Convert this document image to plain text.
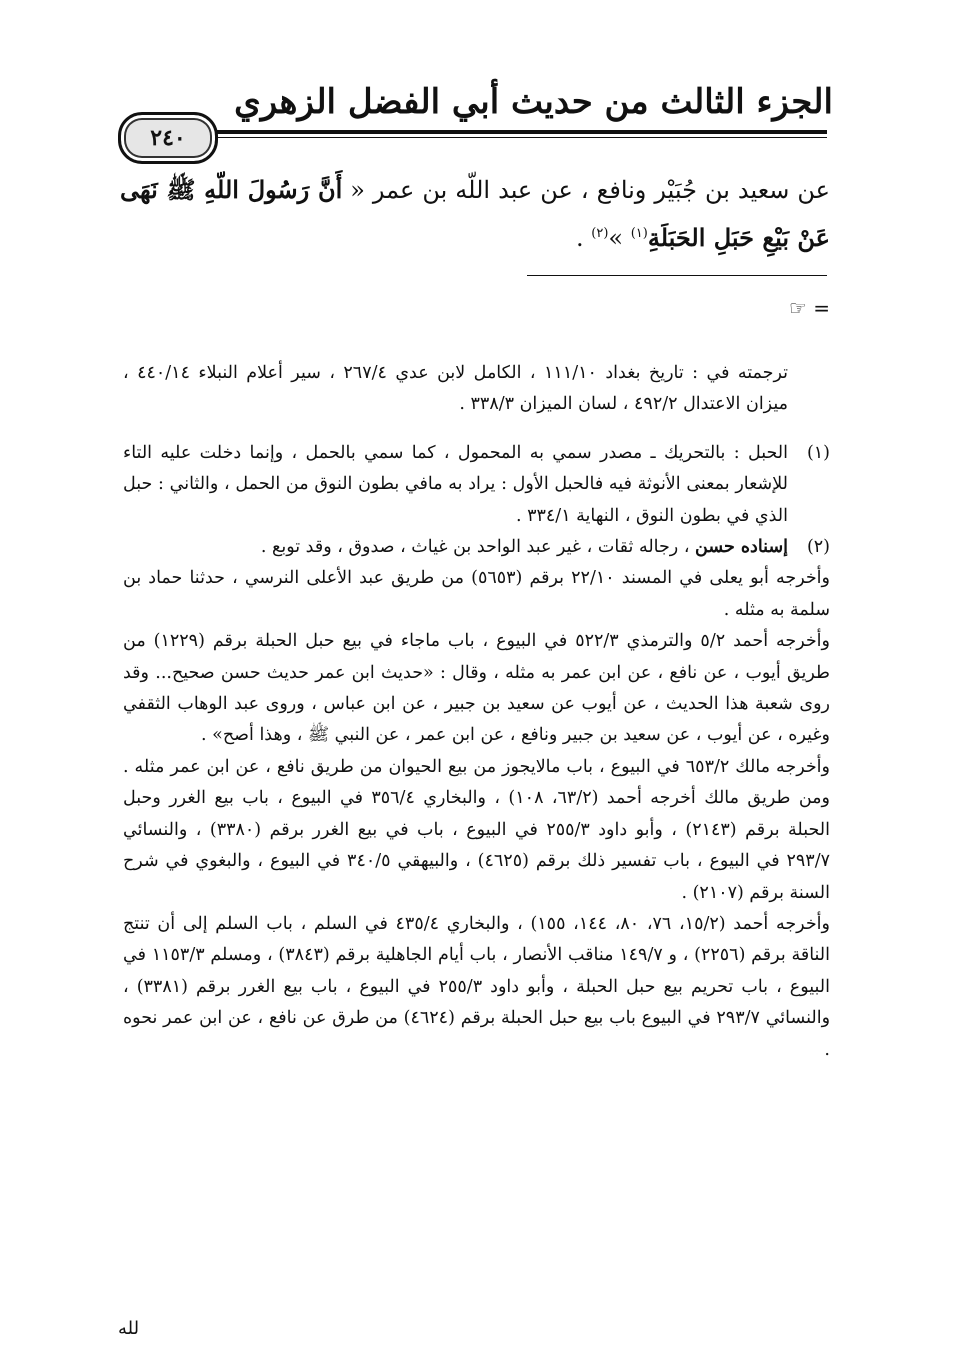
الجزء الثالث من حديث أبي الفضل الزهري
٢٤٠
عن سعيد بن جُبَيْر ونافع ، عن عبد اللّه بن عمر « أَنَّ رَسُولَ اللّهِ ﷺ نَهَى عَنْ بَيْعِ حَبَلِ الحَبَلَةِ$^{(١)}$ »$^{(٢)}$ .
= ☞

ترجمته في : تاريخ بغداد ١١١/١٠ ، الكامل لابن عدي ٢٦٧/٤ ، سير أعلام النبلاء ٤٤٠/١٤ ، ميزان الاعتدال ٤٩٢/٢ ، لسان الميزان ٣٣٨/٣ .

(١)

الحبل : بالتحريك ـ مصدر سمي به المحمول ، كما سمي بالحمل ، وإنما دخلت عليه التاء للإشعار بمعنى الأنوثة فيه فالحبل الأول : يراد به مافي بطون النوق من الحمل ، والثاني : حبل الذي في بطون النوق ، النهاية ٣٣٤/١ .

(٢)

إسناده حسن ، رجاله ثقات ، غير عبد الواحد بن غياث ، صدوق ، وقد توبع .

وأخرجه أبو يعلى في المسند ٢٢/١٠ برقم (٥٦٥٣) من طريق عبد الأعلى النرسي ، حدثنا حماد بن سلمة به مثله .

وأخرجه أحمد ٥/٢ والترمذي ٥٢٢/٣ في البيوع ، باب ماجاء في بيع حبل الحبلة برقم (١٢٢٩) من طريق أيوب ، عن نافع ، عن ابن عمر به مثله ، وقال : «حديث ابن عمر حديث حسن صحيح... وقد روى شعبة هذا الحديث ، عن أيوب عن سعيد بن جبير ، عن ابن عباس ، وروى عبد الوهاب الثقفي وغيره ، عن أيوب ، عن سعيد بن جبير ونافع ، عن ابن عمر ، عن النبي ﷺ ، وهذا أصح» .

وأخرجه مالك ٦٥٣/٢ في البيوع ، باب مالايجوز من بيع الحيوان من طريق نافع ، عن ابن عمر مثله . ومن طريق مالك أخرجه أحمد (٦٣/٢، ١٠٨) ، والبخاري ٣٥٦/٤ في البيوع ، باب بيع الغرر وحبل الحبلة برقم (٢١٤٣) ، وأبو داود ٢٥٥/٣ في البيوع ، باب في بيع الغرر برقم (٣٣٨٠) ، والنسائي ٢٩٣/٧ في البيوع ، باب تفسير ذلك برقم (٤٦٢٥) ، والبيهقي ٣٤٠/٥ في البيوع ، والبغوي في شرح السنة برقم (٢١٠٧) .

وأخرجه أحمد (١٥/٢، ٧٦، ٨٠، ١٤٤، ١٥٥) ، والبخاري ٤٣٥/٤ في السلم ، باب السلم إلى أن تنتج الناقة برقم (٢٢٥٦) ، و ١٤٩/٧ مناقب الأنصار ، باب أيام الجاهلية برقم (٣٨٤٣) ، ومسلم ١١٥٣/٣ في البيوع ، باب تحريم بيع حبل الحبلة ، وأبو داود ٢٥٥/٣ في البيوع ، باب بيع الغرر برقم (٣٣٨١) ، والنسائي ٢٩٣/٧ في البيوع باب بيع حبل الحبلة برقم (٤٦٢٤) من طرق عن نافع ، عن ابن عمر نحوه .

لله
